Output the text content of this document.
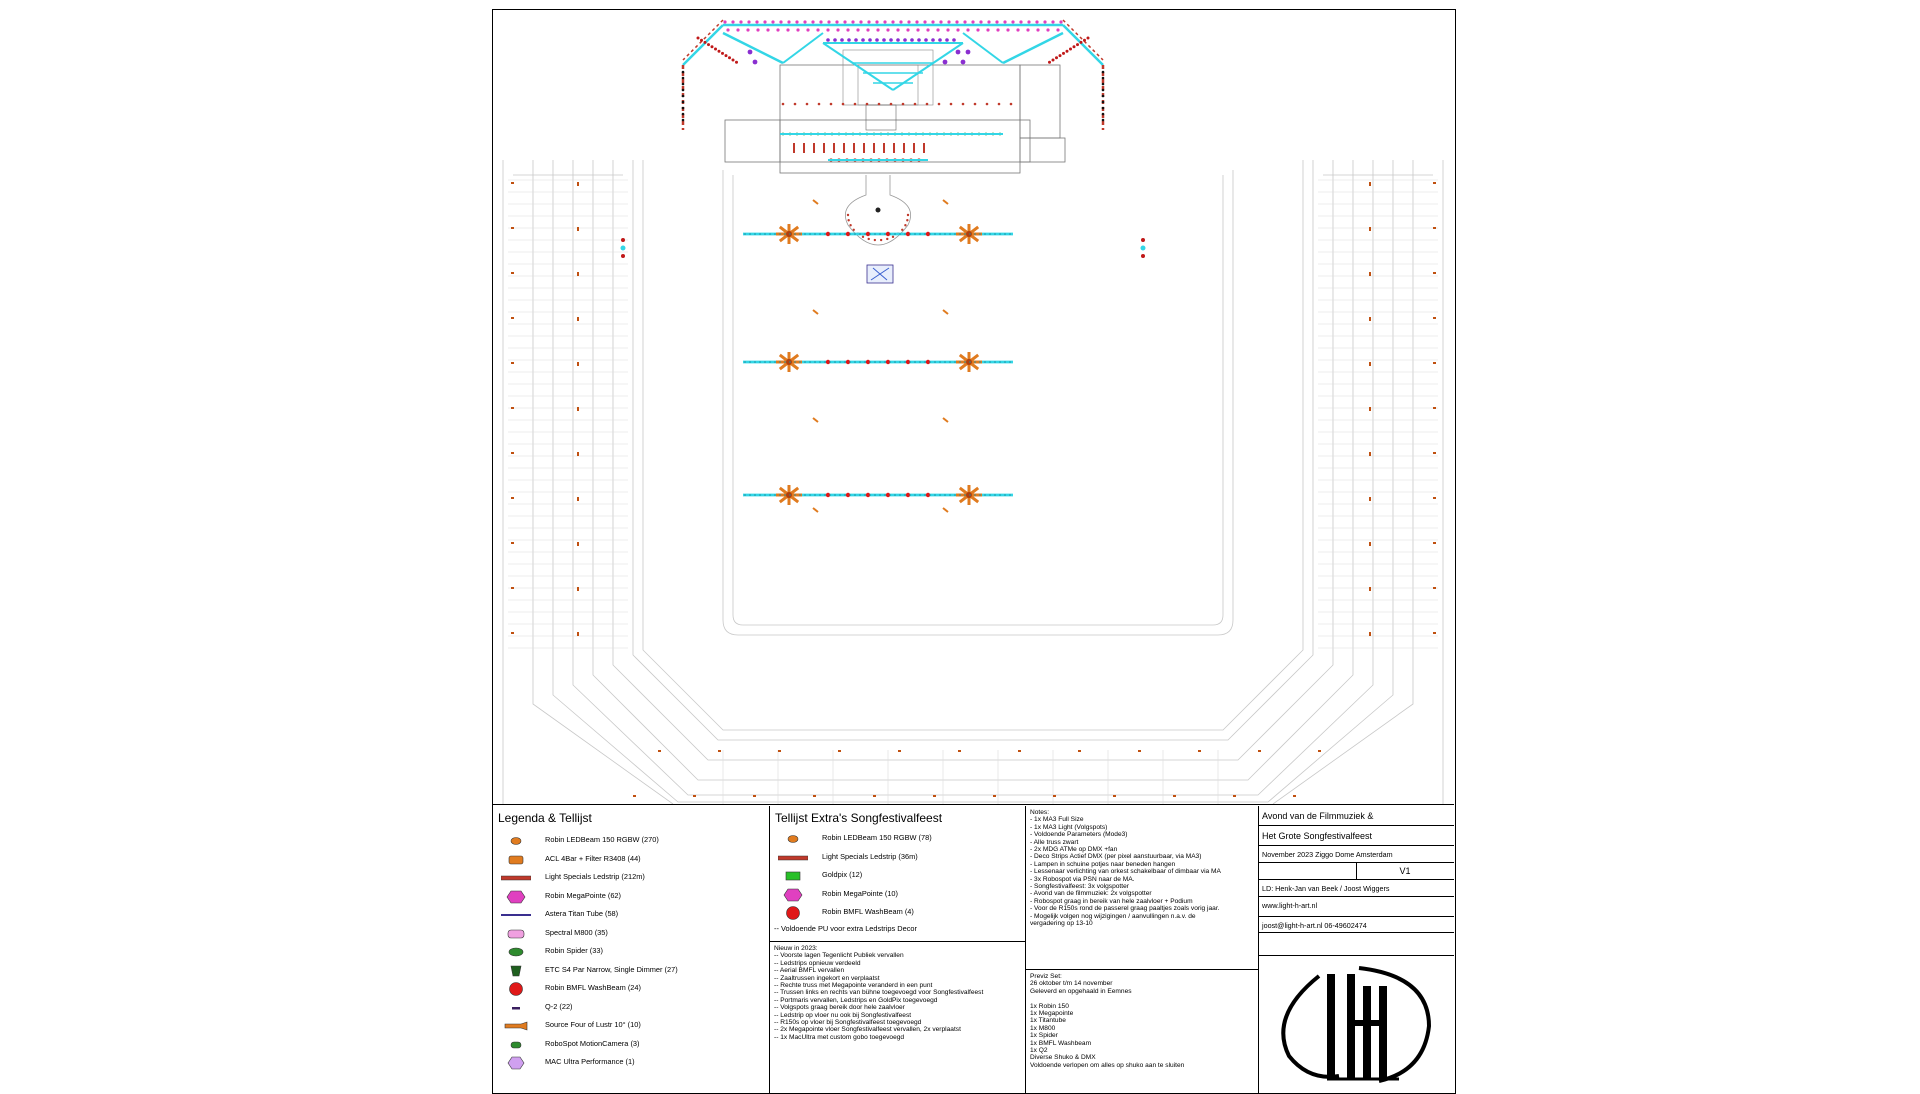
Legenda & Tellijst
Robin LEDBeam 150 RGBW (270)
ACL 4Bar + Filter R3408 (44)
Light Specials Ledstrip (212m)
Robin MegaPointe (62)
Astera Titan Tube (58)
Spectral M800 (35)
Robin Spider (33)
ETC S4 Par Narrow, Single Dimmer (27)
Robin BMFL WashBeam (24)
Q-2 (22)
Source Four of Lustr 10° (10)
RoboSpot MotionCamera (3)
MAC Ultra Performance (1)
Tellijst Extra's Songfestivalfeest
Robin LEDBeam 150 RGBW (78)
Light Specials Ledstrip (36m)
Goldpix (12)
Robin MegaPointe (10)
Robin BMFL WashBeam (4)
-- Voldoende PU voor extra Ledstrips Decor
Nieuw in 2023:
-- Voorste lagen Tegenlicht Publiek vervallen
-- Ledstrips opnieuw verdeeld
-- Aerial BMFL vervallen
-- Zaaltrussen ingekort en verplaatst
-- Rechte truss met Megapointe veranderd in een punt
-- Trussen links en rechts van bühne toegevoegd voor Songfestivalfeest
-- Portmaris vervallen, Ledstrips en GoldPix toegevoegd
-- Volgspots graag bereik door hele zaalvloer
-- Ledstrip op vloer nu ook bij Songfestivalfeest
-- R150s op vloer bij Songfestivalfeest toegevoegd
-- 2x Megapointe vloer Songfestivalfeest vervallen, 2x verplaatst
-- 1x MacUltra met custom gobo toegevoegd
Notes:
- 1x MA3 Full Size
- 1x MA3 Light (Volgspots)
- Voldoende Parameters (Mode3)
- Alle truss zwart
- 2x MDG ATMe op DMX +fan
- Deco Strips Actief DMX (per pixel aanstuurbaar, via MA3)
- Lampen in schuine potjes naar beneden hangen
- Lessenaar verlichting van orkest schakelbaar of dimbaar via MA
- 3x Robospot via PSN naar de MA.
- Songfestivalfeest: 3x volgspotter
- Avond van de filmmuziek: 2x volgspotter
- Robospot graag in bereik van hele zaalvloer + Podium
- Voor de R150s rond de passerel graag paaltjes zoals vorig jaar.
- Mogelijk volgen nog wijzigingen / aanvullingen n.a.v. de
vergadering op 13-10
Previz Set:
26 oktober t/m 14 november
Geleverd en opgehaald in Eemnes

1x Robin 150
1x Megapointe
1x Titantube
1x M800
1x Spider
1x BMFL Washbeam
1x Q2
Diverse Shuko & DMX
Voldoende verlopen om alles op shuko aan te sluiten
Avond van de Filmmuziek &
Het Grote Songfestivalfeest
November 2023 Ziggo Dome Amsterdam
V1
LD: Henk-Jan van Beek / Joost Wiggers
www.light-h-art.nl
joost@light-h-art.nl 06-49602474
